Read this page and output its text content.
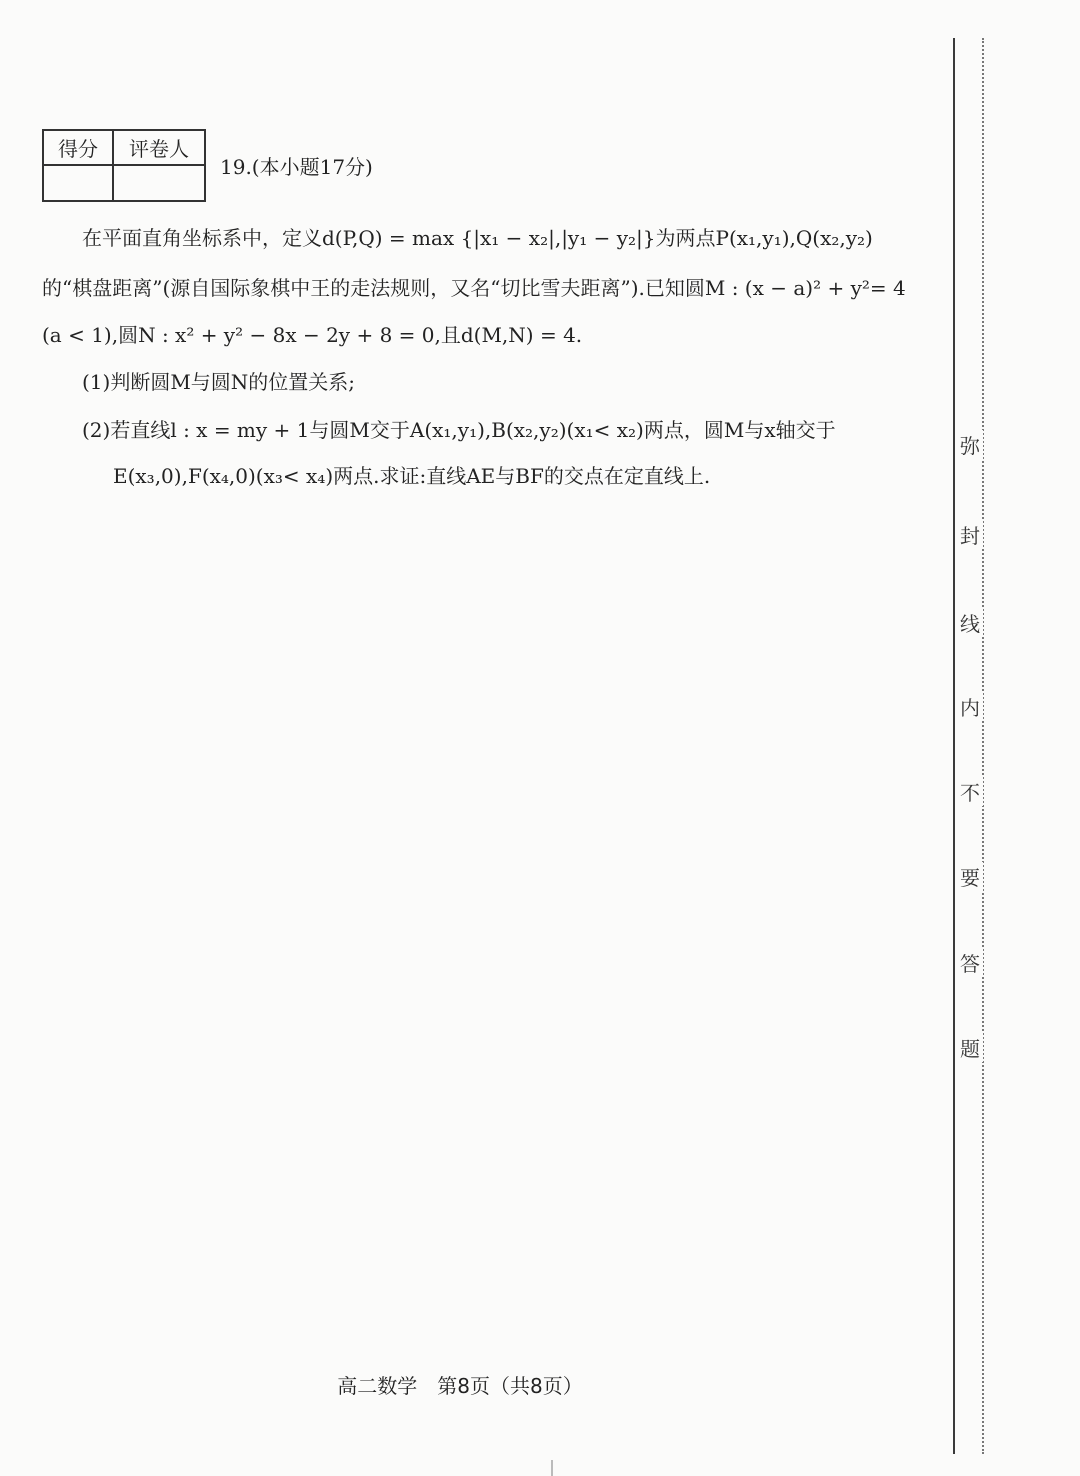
得分	评卷人

19.(本小题17分)
在平面直角坐标系中，定义d(P,Q) = max {|x₁ − x₂|,|y₁ − y₂|}为两点P(x₁,y₁),Q(x₂,y₂)
的“棋盘距离”(源自国际象棋中王的走法规则，又名“切比雪夫距离”).已知圆M : (x − a)² + y²= 4
(a < 1),圆N : x² + y² − 8x − 2y + 8 = 0,且d(M,N) = 4.
(1)判断圆M与圆N的位置关系;
(2)若直线l : x = my + 1与圆M交于A(x₁,y₁),B(x₂,y₂)(x₁< x₂)两点，圆M与x轴交于
E(x₃,0),F(x₄,0)(x₃< x₄)两点.求证:直线AE与BF的交点在定直线上.
高二数学　第8页（共8页）
弥
封
线
内
不
要
答
题
